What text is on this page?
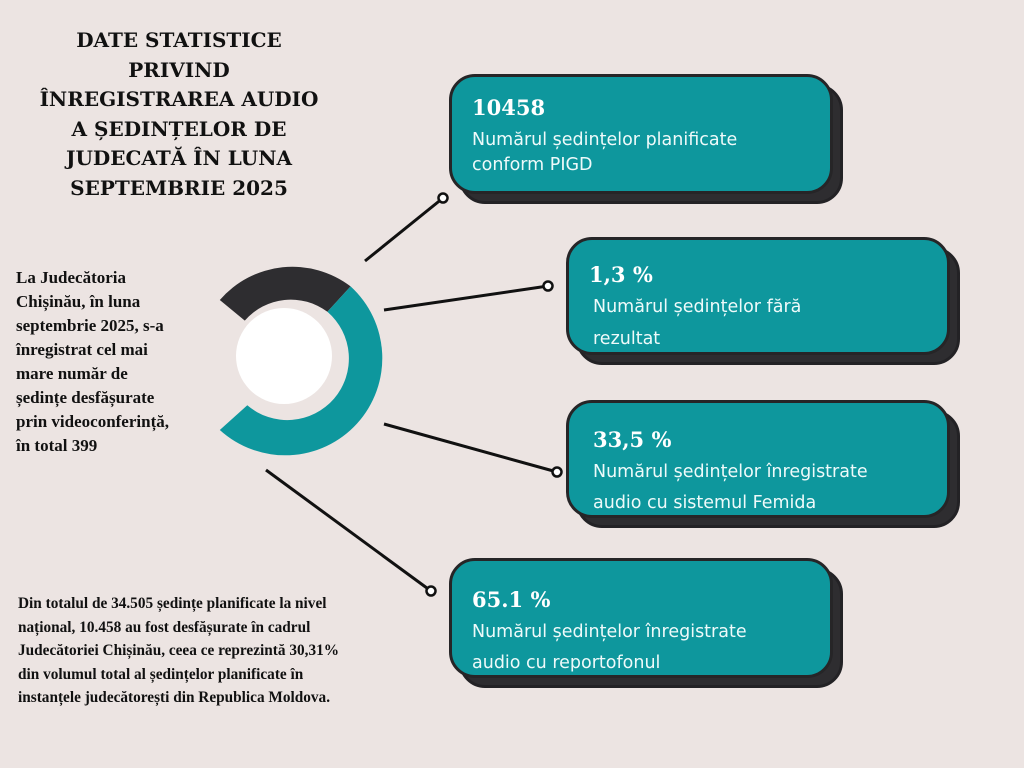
DATE STATISTICE
PRIVIND
ÎNREGISTRAREA AUDIO
A ȘEDINȚELOR DE
JUDECATĂ ÎN LUNA
SEPTEMBRIE 2025
La Judecătoria
Chișinău, în luna
septembrie 2025, s-a
înregistrat cel mai
mare număr de
ședințe desfășurate
prin videoconferință,
în total 399
10458
Numărul ședințelor planificate
conform PIGD
1,3 %
Numărul ședințelor fără
rezultat
33,5 %
Numărul ședințelor înregistrate
audio cu sistemul Femida
65.1 %
Numărul ședințelor înregistrate
audio cu reportofonul
Din totalul de 34.505 ședințe planificate la nivel
național, 10.458 au fost desfășurate în cadrul
Judecătoriei Chișinău, ceea ce reprezintă 30,31%
din volumul total al ședințelor planificate în
instanțele judecătorești din Republica Moldova.
